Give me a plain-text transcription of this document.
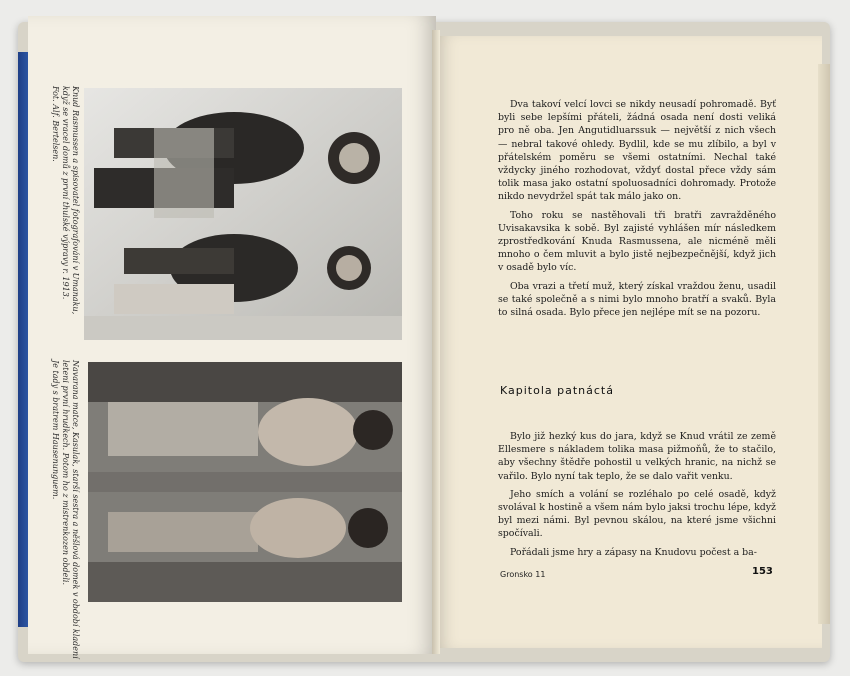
Knud Rasmussen a spisovatel fotografování v Umanaku,
když se vracel domů z první thulské výpravy r. 1913.
Fot. Alf. Bertelsen.
Navarana matce, Kasulak, starší sestra a něšlová domek v období kladení
leteni první hrudkech. Potom ho z mistrenkozen obdeli.
Je tady s bratrem Hausenunguem.

Dva takoví velcí lovci se nikdy neusadí pohromadě. Byť byli sebe lepšími přáteli, žádná osada není dosti veliká pro ně oba. Jen Angutidluarssuk — největší z nich všech — nebral takové ohledy. Bydlil, kde se mu zlíbilo, a byl v přátelském poměru se všemi ostatními. Nechal také vždycky jiného rozhodovat, vždyť dostal přece vždy sám tolik masa jako ostatní spoluosadníci dohromady. Protože nikdo nevydržel spát tak málo jako on.

Toho roku se nastěhovali tři bratři zavražděného Uvisakavsika k sobě. Byl zajisté vyhlášen mír následkem zprostředkování Knuda Rasmussena, ale nicméně měli mnoho o čem mluvit a bylo jistě nejbezpečnější, když jich v osadě bylo víc.

Oba vrazi a třetí muž, který získal vraždou ženu, usadil se také společně a s nimi bylo mnoho bratří a svaků. Byla to silná osada. Bylo přece jen nejlépe mít se na pozoru.

Kapitola patnáctá

Bylo již hezký kus do jara, když se Knud vrátil ze země Ellesmere s nákladem tolika masa pižmoňů, že to stačilo, aby všechny štědře pohostil u velkých hranic, na nichž se vařilo. Bylo nyní tak teplo, že se dalo vařit venku.

Jeho smích a volání se rozléhalo po celé osadě, když svolával k hostině a všem nám bylo jaksi trochu lépe, když byl mezi námi. Byl pevnou skálou, na které jsme všichni spočívali.

Pořádali jsme hry a zápasy na Knudovu počest a ba-

Gronsko 11	153
